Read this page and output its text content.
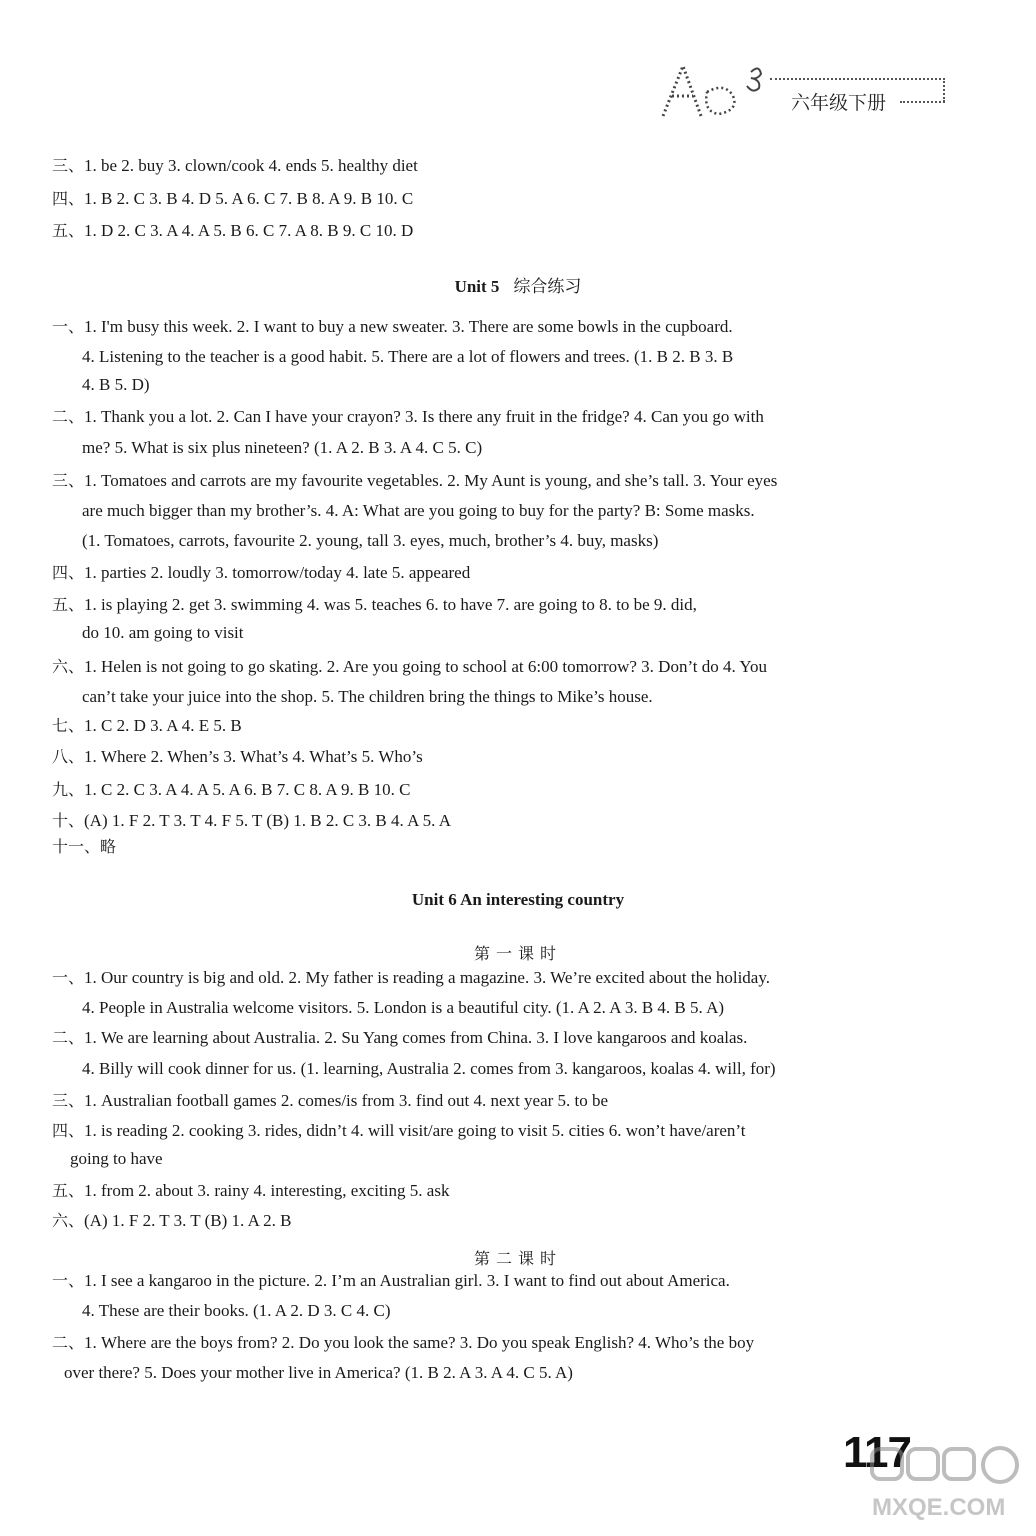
六年级下册
三、1. be 2. buy 3. clown/cook 4. ends 5. healthy diet
四、1. B 2. C 3. B 4. D 5. A 6. C 7. B 8. A 9. B 10. C
五、1. D 2. C 3. A 4. A 5. B 6. C 7. A 8. B 9. C 10. D
Unit 5 综合练习
一、1. I'm busy this week. 2. I want to buy a new sweater. 3. There are some bowls in the cupboard.
4. Listening to the teacher is a good habit. 5. There are a lot of flowers and trees. (1. B 2. B 3. B
4. B 5. D)
二、1. Thank you a lot. 2. Can I have your crayon? 3. Is there any fruit in the fridge? 4. Can you go with
me? 5. What is six plus nineteen? (1. A 2. B 3. A 4. C 5. C)
三、1. Tomatoes and carrots are my favourite vegetables. 2. My Aunt is young, and she’s tall. 3. Your eyes
are much bigger than my brother’s. 4. A: What are you going to buy for the party? B: Some masks.
(1. Tomatoes, carrots, favourite 2. young, tall 3. eyes, much, brother’s 4. buy, masks)
四、1. parties 2. loudly 3. tomorrow/today 4. late 5. appeared
五、1. is playing 2. get 3. swimming 4. was 5. teaches 6. to have 7. are going to 8. to be 9. did,
do 10. am going to visit
六、1. Helen is not going to go skating. 2. Are you going to school at 6:00 tomorrow? 3. Don’t do 4. You
can’t take your juice into the shop. 5. The children bring the things to Mike’s house.
七、1. C 2. D 3. A 4. E 5. B
八、1. Where 2. When’s 3. What’s 4. What’s 5. Who’s
九、1. C 2. C 3. A 4. A 5. A 6. B 7. C 8. A 9. B 10. C
十、(A) 1. F 2. T 3. T 4. F 5. T (B) 1. B 2. C 3. B 4. A 5. A
十一、略
Unit 6 An interesting country
第一课时
一、1. Our country is big and old. 2. My father is reading a magazine. 3. We’re excited about the holiday.
4. People in Australia welcome visitors. 5. London is a beautiful city. (1. A 2. A 3. B 4. B 5. A)
二、1. We are learning about Australia. 2. Su Yang comes from China. 3. I love kangaroos and koalas.
4. Billy will cook dinner for us. (1. learning, Australia 2. comes from 3. kangaroos, koalas 4. will, for)
三、1. Australian football games 2. comes/is from 3. find out 4. next year 5. to be
四、1. is reading 2. cooking 3. rides, didn’t 4. will visit/are going to visit 5. cities 6. won’t have/aren’t
going to have
五、1. from 2. about 3. rainy 4. interesting, exciting 5. ask
六、(A) 1. F 2. T 3. T (B) 1. A 2. B
第二课时
一、1. I see a kangaroo in the picture. 2. I’m an Australian girl. 3. I want to find out about America.
4. These are their books. (1. A 2. D 3. C 4. C)
二、1. Where are the boys from? 2. Do you look the same? 3. Do you speak English? 4. Who’s the boy
over there? 5. Does your mother live in America? (1. B 2. A 3. A 4. C 5. A)
117
MXQE.COM
